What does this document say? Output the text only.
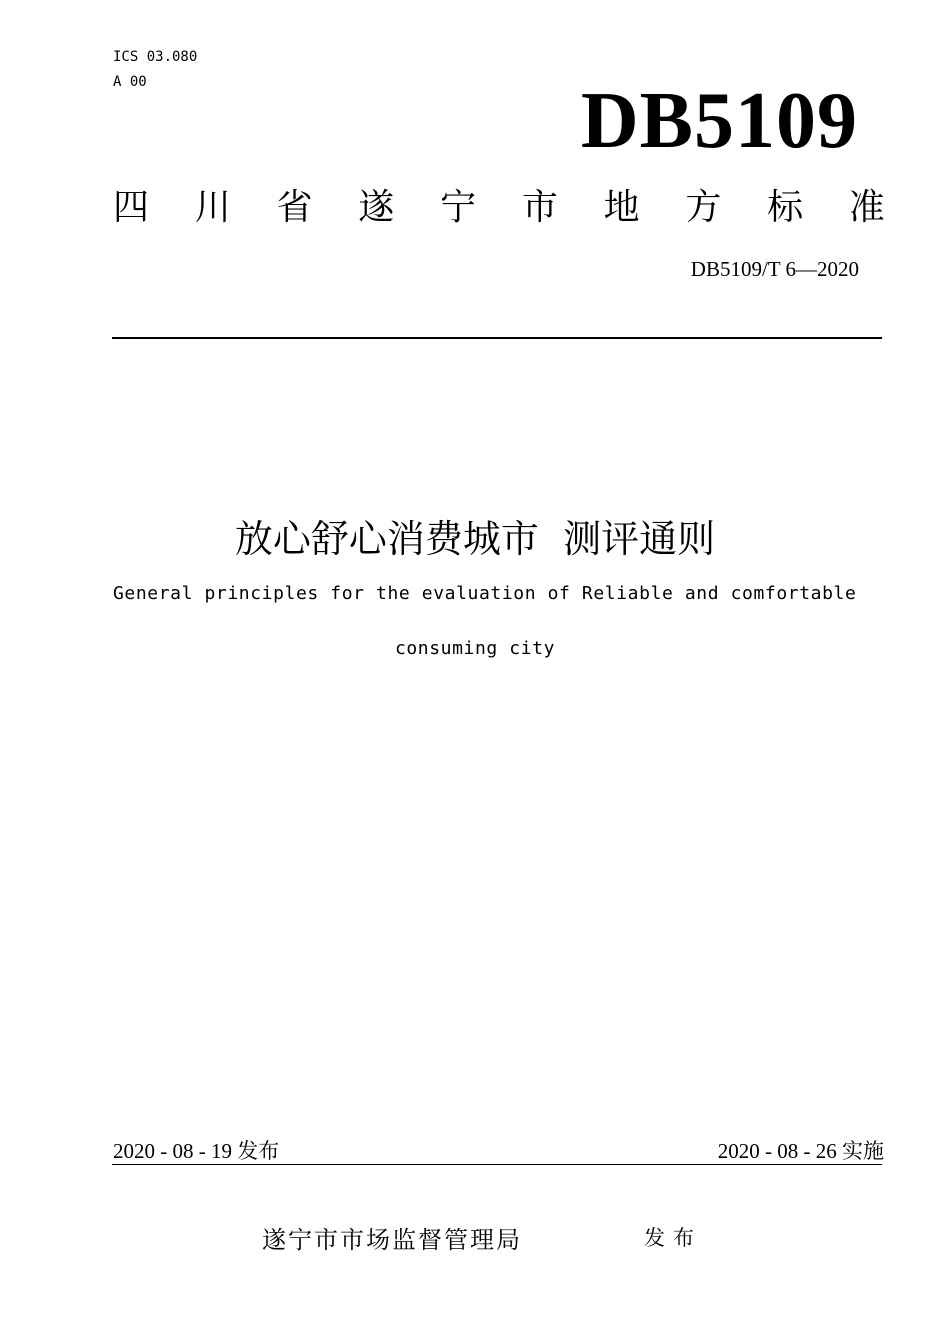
ICS 03.080
A 00	DB5109
四 川 省 遂 宁 市 地 方 标 准
DB5109/T 6—2020
放心舒心消费城市  测评通则
General principles for the evaluation of Reliable and comfortable
consuming city
2020 - 08 - 19 发布	2020 - 08 - 26 实施
遂宁市市场监督管理局	发布
